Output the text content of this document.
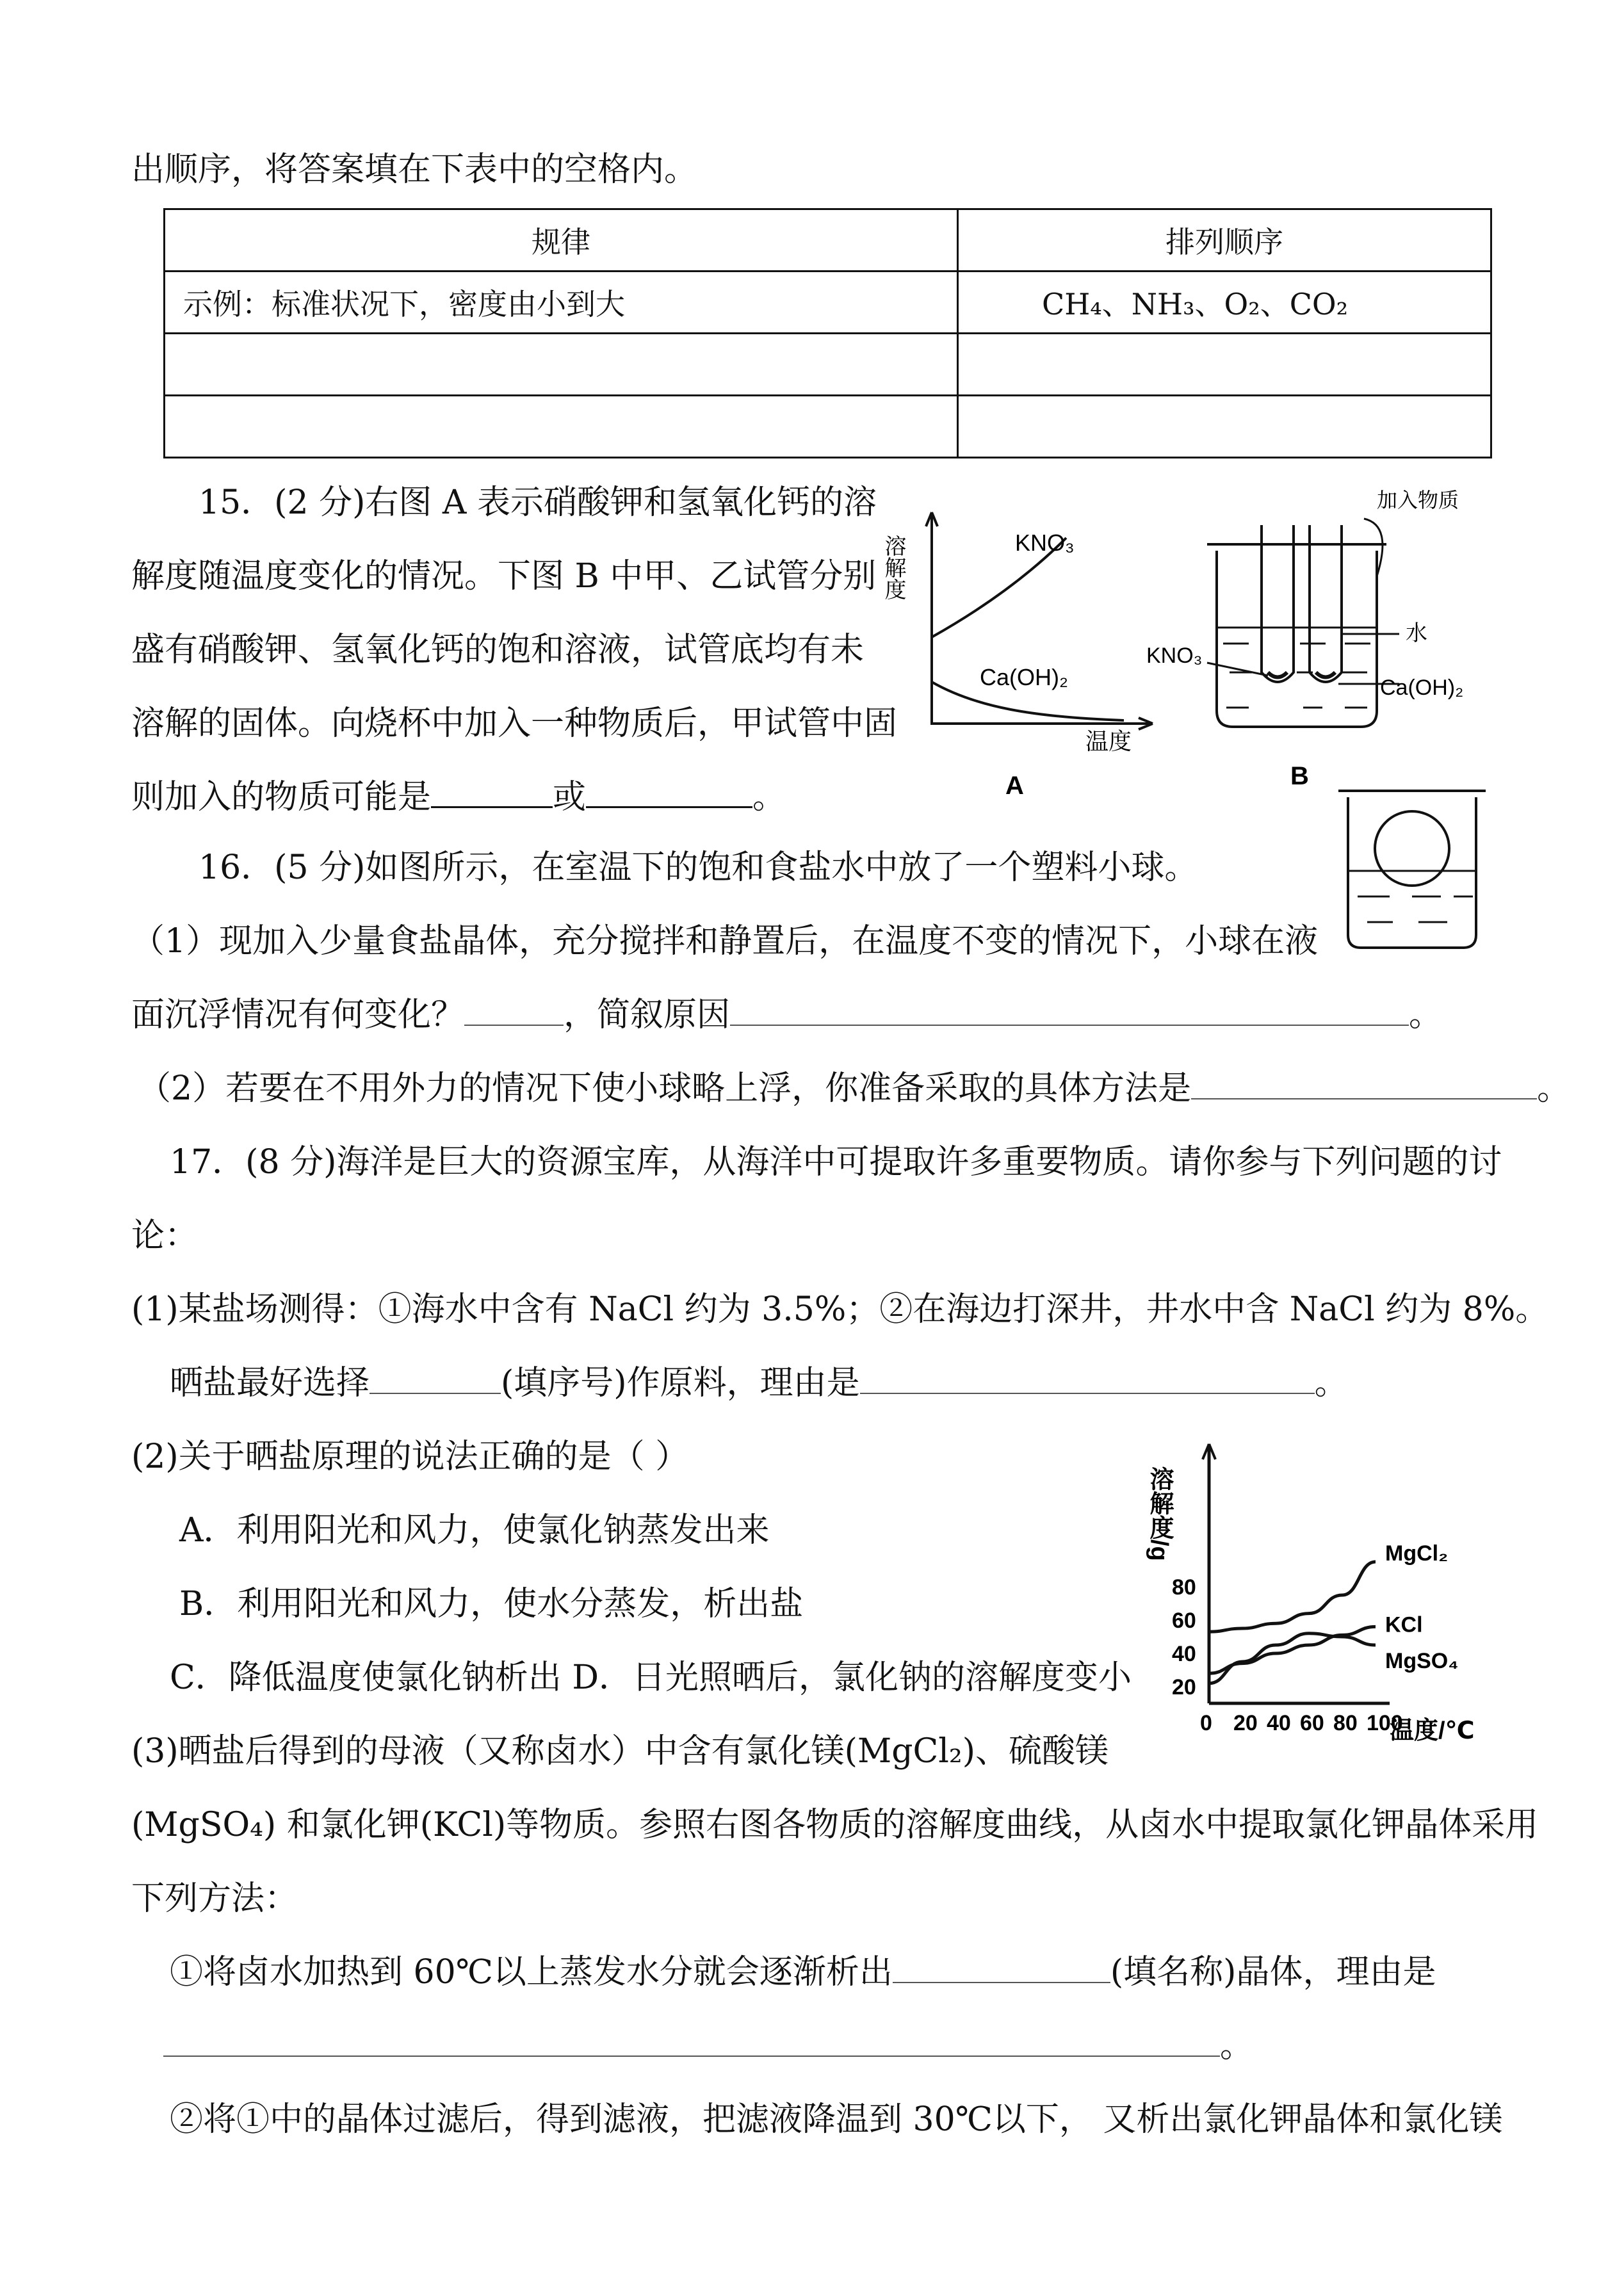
出顺序，将答案填在下表中的空格内。
规律	排列顺序
示例：标准状况下，密度由小到大	CH₄、NH₃、O₂、CO₂

15．(2 分)右图 A 表示硝酸钾和氢氧化钙的溶
解度随温度变化的情况。下图 B 中甲、乙试管分别
盛有硝酸钾、氢氧化钙的饱和溶液，试管底均有未
溶解的固体。向烧杯中加入一种物质后，甲试管中固
则加入的物质可能是	或	。
溶解度	KNO₃
Ca(OH)₂
温度
A
加入物质
水
KNO₃
Ca(OH)₂
B
16．(5 分)如图所示，在室温下的饱和食盐水中放了一个塑料小球。
（1）现加入少量食盐晶体，充分搅拌和静置后，在温度不变的情况下，小球在液
面沉浮情况有何变化？	，简叙原因	。
（2）若要在不用外力的情况下使小球略上浮，你准备采取的具体方法是	。
17．(8 分)海洋是巨大的资源宝库，从海洋中可提取许多重要物质。请你参与下列问题的讨
论：
(1)某盐场测得：①海水中含有 NaCl 约为 3.5%；②在海边打深井，井水中含 NaCl 约为 8%。
晒盐最好选择	(填序号)作原料，理由是	。
(2)关于晒盐原理的说法正确的是（ ）
A．利用阳光和风力，使氯化钠蒸发出来
B．利用阳光和风力，使水分蒸发，析出盐
C．降低温度使氯化钠析出 D．日光照晒后，氯化钠的溶解度变小
(3)晒盐后得到的母液（又称卤水）中含有氯化镁(MgCl₂)、硫酸镁
(MgSO₄) 和氯化钾(KCl)等物质。参照右图各物质的溶解度曲线，从卤水中提取氯化钾晶体采用
下列方法：
①将卤水加热到 60℃以上蒸发水分就会逐渐析出	(填名称)晶体，理由是
。
②将①中的晶体过滤后，得到滤液，把滤液降温到 30℃以下， 又析出氯化钾晶体和氯化镁
溶解度/g
温度/℃
0 20 40 60 80 100
20
40
60
80
MgCl₂
KCl
MgSO₄
